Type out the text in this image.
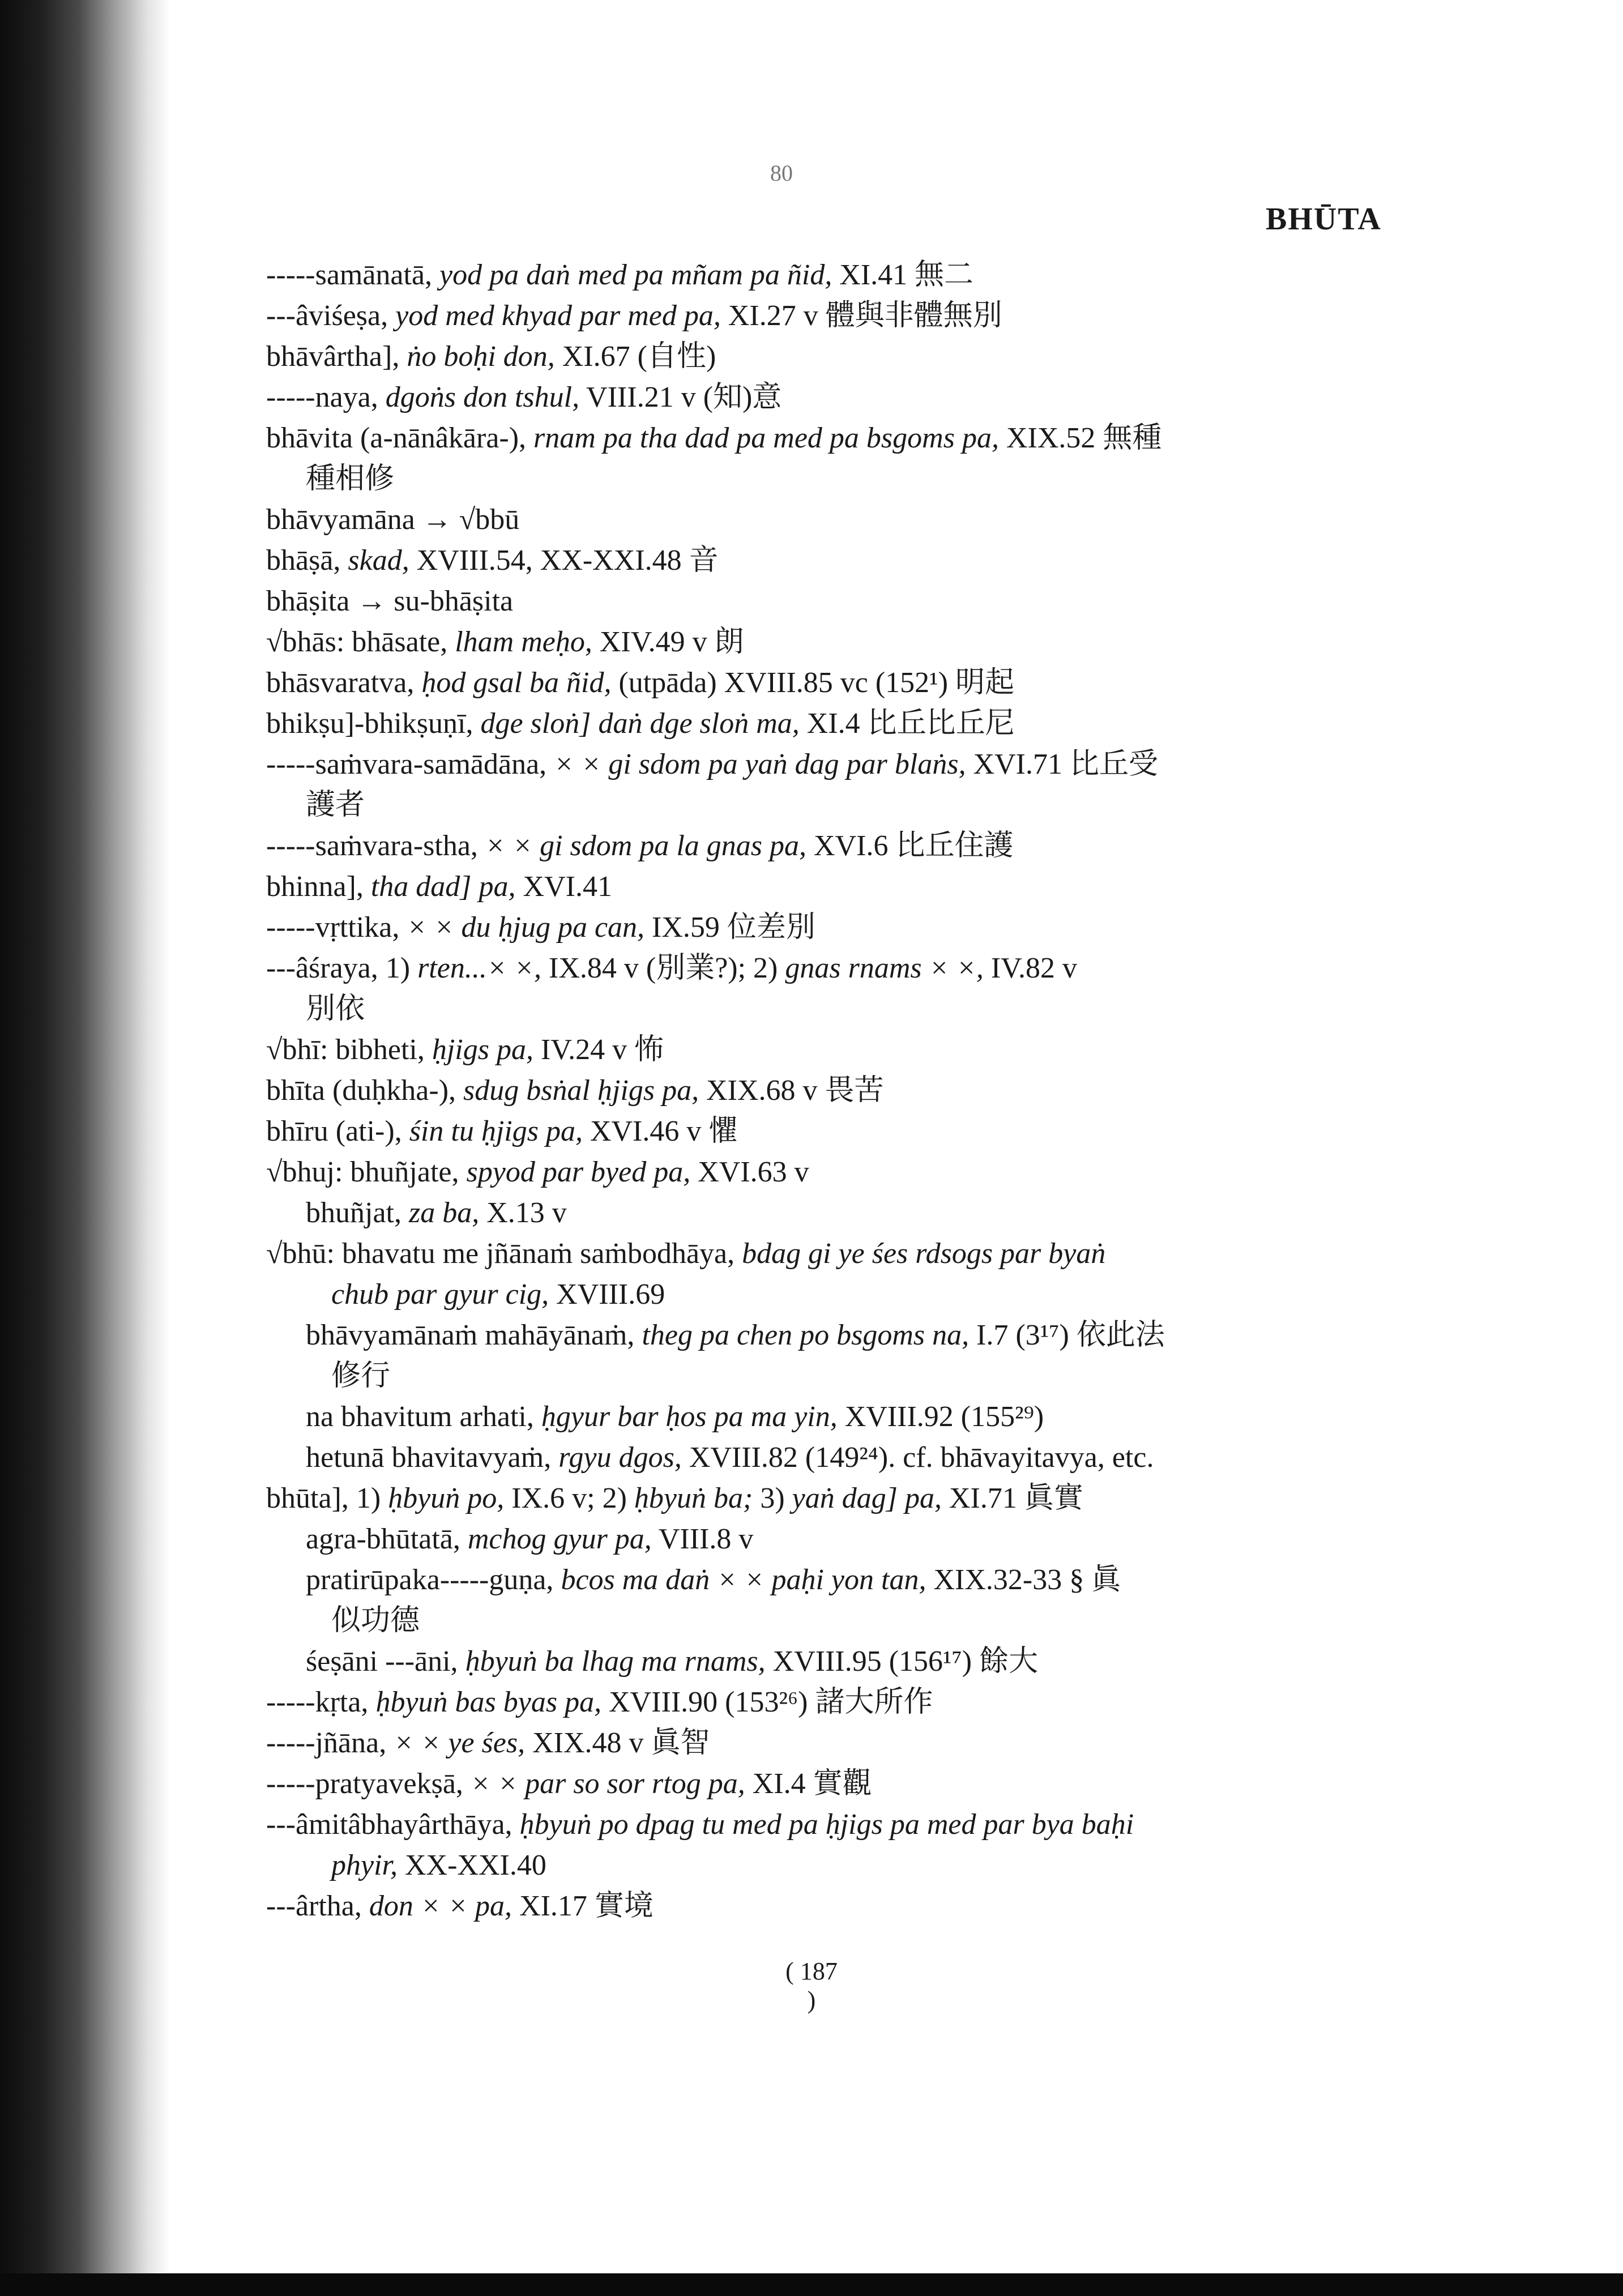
80
BHŪTA
-----samānatā, yod pa daṅ med pa mñam pa ñid, XI.41 無二
---âviśeṣa, yod med khyad par med pa, XI.27 v 體與非體無別
bhāvârtha], ṅo boḥi don, XI.67 (自性)
-----naya, dgoṅs don tshul, VIII.21 v (知)意
bhāvita (a-nānâkāra-), rnam pa tha dad pa med pa bsgoms pa, XIX.52 無種
種相修
bhāvyamāna → √bbū
bhāṣā, skad, XVIII.54, XX-XXI.48 音
bhāṣita → su-bhāṣita
√bhās: bhāsate, lham meḥo, XIV.49 v 朗
bhāsvaratva, ḥod gsal ba ñid, (utpāda) XVIII.85 vc (152¹) 明起
bhikṣu]-bhikṣuṇī, dge sloṅ] daṅ dge sloṅ ma, XI.4 比丘比丘尼
-----saṁvara-samādāna, × × gi sdom pa yaṅ dag par blaṅs, XVI.71 比丘受
護者
-----saṁvara-stha, × × gi sdom pa la gnas pa, XVI.6 比丘住護
bhinna], tha dad] pa, XVI.41
-----vṛttika, × × du ḥjug pa can, IX.59 位差別
---âśraya, 1) rten...× ×, IX.84 v (別業?); 2) gnas rnams × ×, IV.82 v
別依
√bhī: bibheti, ḥjigs pa, IV.24 v 怖
bhīta (duḥkha-), sdug bsṅal ḥjigs pa, XIX.68 v 畏苦
bhīru (ati-), śin tu ḥjigs pa, XVI.46 v 懼
√bhuj: bhuñjate, spyod par byed pa, XVI.63 v
bhuñjat, za ba, X.13 v
√bhū: bhavatu me jñānaṁ saṁbodhāya, bdag gi ye śes rdsogs par byaṅ
chub par gyur cig, XVIII.69
bhāvyamānaṁ mahāyānaṁ, theg pa chen po bsgoms na, I.7 (3¹⁷) 依此法
修行
na bhavitum arhati, ḥgyur bar ḥos pa ma yin, XVIII.92 (155²⁹)
hetunā bhavitavyaṁ, rgyu dgos, XVIII.82 (149²⁴). cf. bhāvayitavya, etc.
bhūta], 1) ḥbyuṅ po, IX.6 v; 2) ḥbyuṅ ba; 3) yaṅ dag] pa, XI.71 眞實
agra-bhūtatā, mchog gyur pa, VIII.8 v
pratirūpaka-----guṇa, bcos ma daṅ × × paḥi yon tan, XIX.32-33 § 眞
似功德
śeṣāni ---āni, ḥbyuṅ ba lhag ma rnams, XVIII.95 (156¹⁷) 餘大
-----kṛta, ḥbyuṅ bas byas pa, XVIII.90 (153²⁶) 諸大所作
-----jñāna, × × ye śes, XIX.48 v 眞智
-----pratyavekṣā, × × par so sor rtog pa, XI.4 實觀
---âmitâbhayârthāya, ḥbyuṅ po dpag tu med pa ḥjigs pa med par bya baḥi
phyir, XX-XXI.40
---ârtha, don × × pa, XI.17 實境
( 187 )
